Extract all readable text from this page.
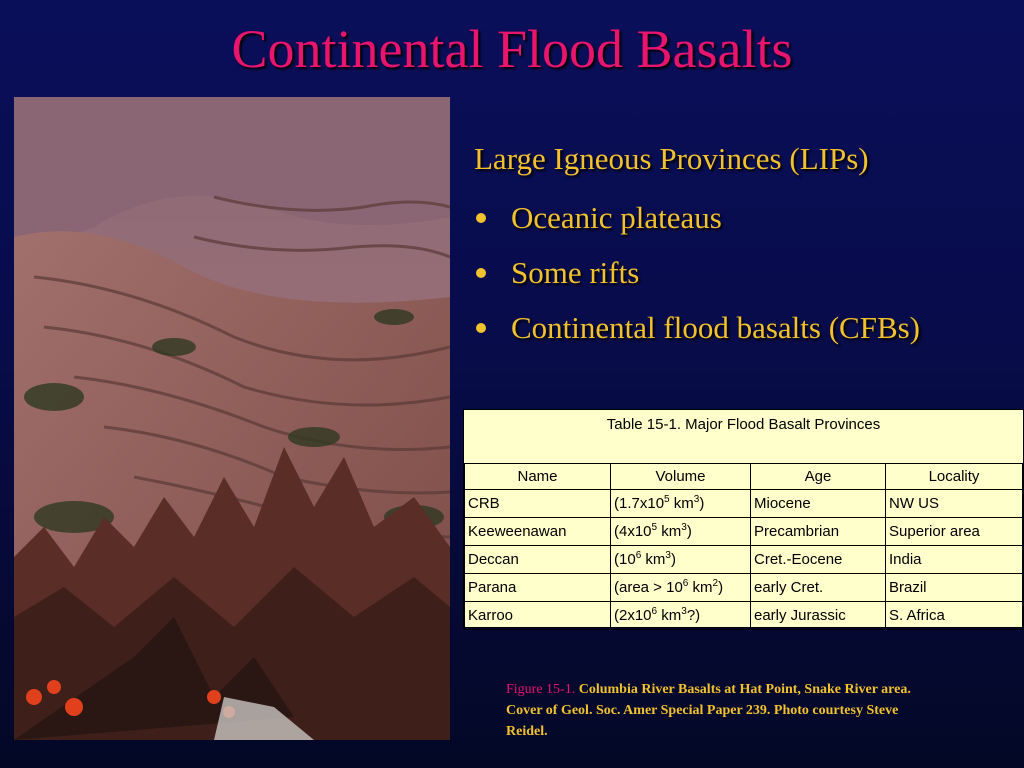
Continental Flood Basalts
Large Igneous Provinces (LIPs)
Oceanic plateaus
Some rifts
Continental flood basalts (CFBs)
Table 15-1. Major Flood Basalt Provinces
Name	Volume	Age	Locality
CRB	($1.7x10^5$ $km^3$)	Miocene	NW US
Keeweenawan	($4x10^5$ $km^3$)	Precambrian	Superior area
Deccan	($10^6$ $km^3$)	Cret.-Eocene	India
Parana	(area > $10^6$ $km^2$)	early Cret.	Brazil
Karroo	($2x10^6$ $km^3$?)	early Jurassic	S. Africa
Figure 15-1. Columbia River Basalts at Hat Point, Snake River area. Cover of Geol. Soc. Amer Special Paper 239. Photo courtesy Steve Reidel.
